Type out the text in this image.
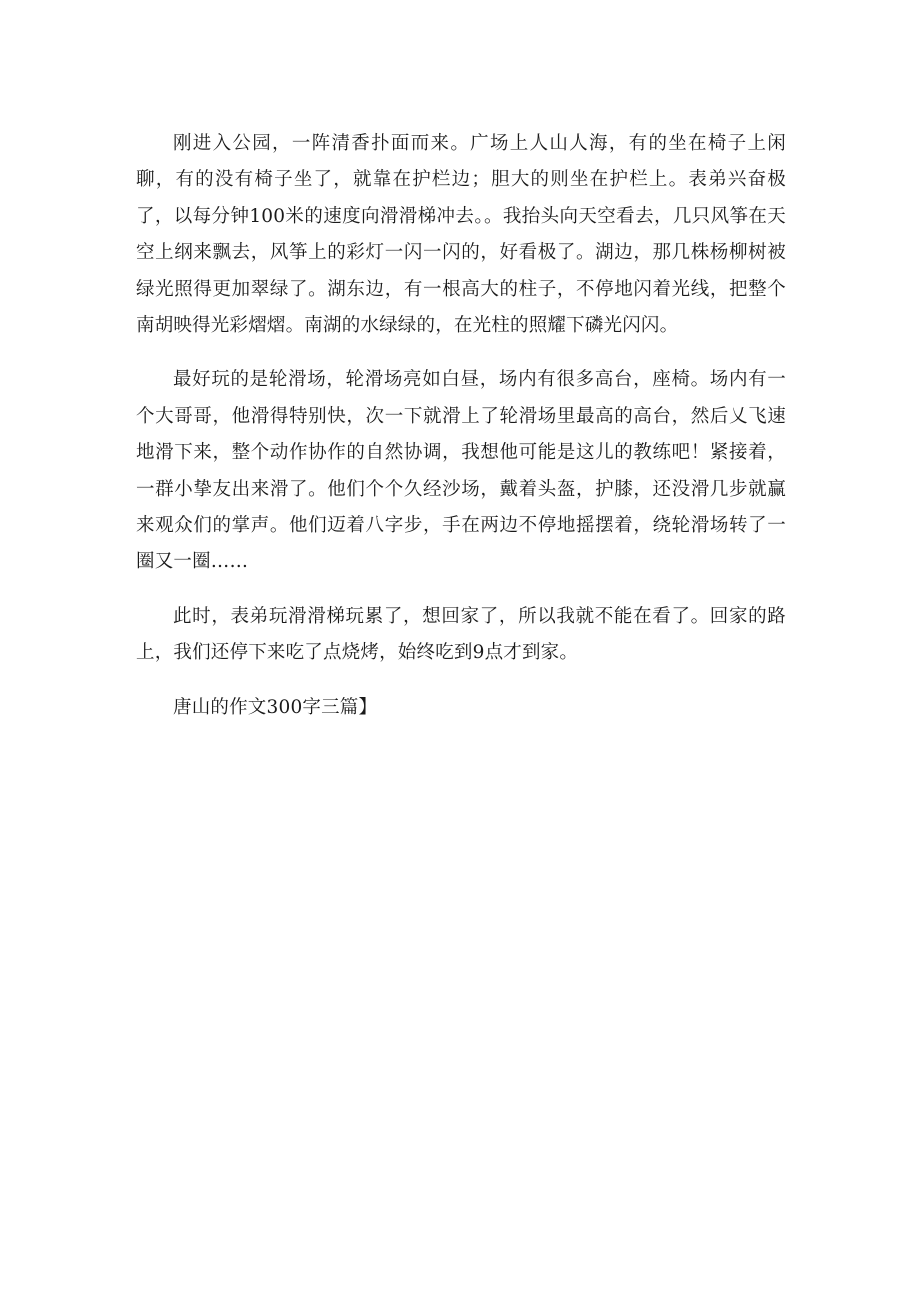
刚进入公园，一阵清香扑面而来。广场上人山人海，有的坐在椅子上闲聊，有的没有椅子坐了，就靠在护栏边；胆大的则坐在护栏上。表弟兴奋极了，以每分钟100米的速度向滑滑梯冲去。。我抬头向天空看去，几只风筝在天空上纲来飘去，风筝上的彩灯一闪一闪的，好看极了。湖边，那几株杨柳树被绿光照得更加翠绿了。湖东边，有一根高大的柱子，不停地闪着光线，把整个南胡映得光彩熠熠。南湖的水绿绿的，在光柱的照耀下磷光闪闪。

最好玩的是轮滑场，轮滑场亮如白昼，场内有很多高台，座椅。场内有一个大哥哥，他滑得特别快，次一下就滑上了轮滑场里最高的高台，然后乂飞速地滑下来，整个动作协作的自然协调，我想他可能是这儿的教练吧！紧接着，一群小挚友出来滑了。他们个个久经沙场，戴着头盔，护膝，还没滑几步就赢来观众们的掌声。他们迈着八字步，手在两边不停地摇摆着，绕轮滑场转了一圈又一圈……

此时，表弟玩滑滑梯玩累了，想回家了，所以我就不能在看了。回家的路上，我们还停下来吃了点烧烤，始终吃到9点才到家。

唐山的作文300字三篇】
